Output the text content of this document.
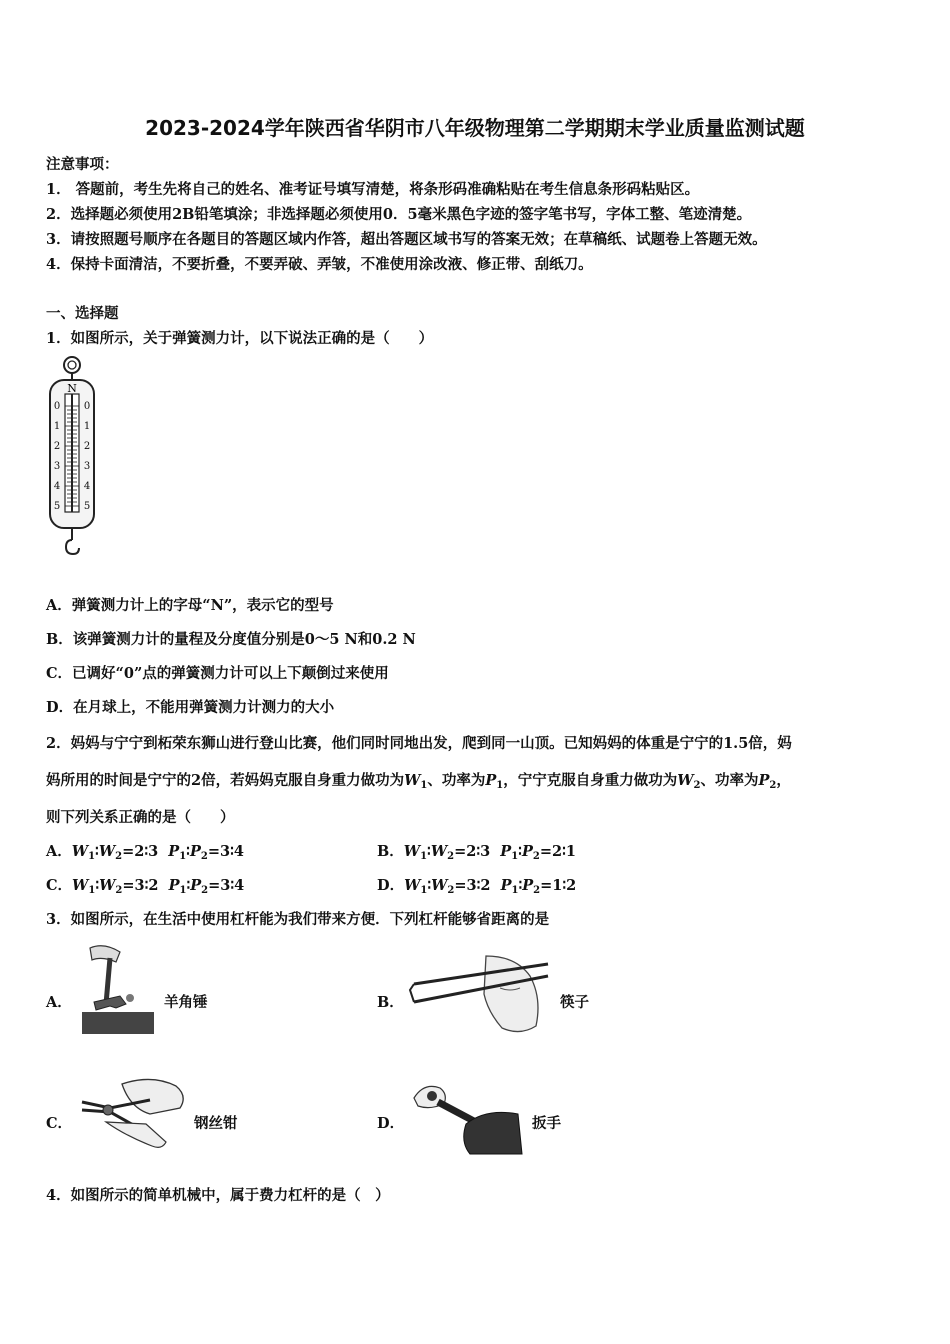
2023-2024学年陕西省华阴市八年级物理第二学期期末学业质量监测试题
注意事项：
1． 答题前，考生先将自己的姓名、准考证号填写清楚，将条形码准确粘贴在考生信息条形码粘贴区。
2．选择题必须使用2B铅笔填涂；非选择题必须使用0．5毫米黑色字迹的签字笔书写，字体工整、笔迹清楚。
3．请按照题号顺序在各题目的答题区域内作答，超出答题区域书写的答案无效；在草稿纸、试题卷上答题无效。
4．保持卡面清洁，不要折叠，不要弄破、弄皱，不准使用涂改液、修正带、刮纸刀。
一、选择题
1．如图所示，关于弹簧测力计，以下说法正确的是（　　）
N
0
1
2
3
4
5
0
1
2
3
4
5
A．弹簧测力计上的字母“N”，表示它的型号
B．该弹簧测力计的量程及分度值分别是0～5 N和0.2 N
C．已调好“0”点的弹簧测力计可以上下颠倒过来使用
D．在月球上，不能用弹簧测力计测力的大小
2．妈妈与宁宁到柘荣东狮山进行登山比赛，他们同时同地出发，爬到同一山顶。已知妈妈的体重是宁宁的1.5倍，妈
妈所用的时间是宁宁的2倍，若妈妈克服自身重力做功为$W_1$、功率为$P_1$，宁宁克服自身重力做功为$W_2$、功率为$P_2$，
则下列关系正确的是（　　）
A．$W_1∶W_2=2∶3$ $P_1∶P_2=3∶4$	B．$W_1∶W_2=2∶3$ $P_1∶P_2=2∶1$
C．$W_1∶W_2=3∶2$ $P_1∶P_2=3∶4$	D．$W_1∶W_2=3∶2$ $P_1∶P_2=1∶2$
3．如图所示，在生活中使用杠杆能为我们带来方便．下列杠杆能够省距离的是
A．	羊角锤	B．	筷子
C．	钢丝钳	D．	扳手
4．如图所示的简单机械中，属于费力杠杆的是（　）
